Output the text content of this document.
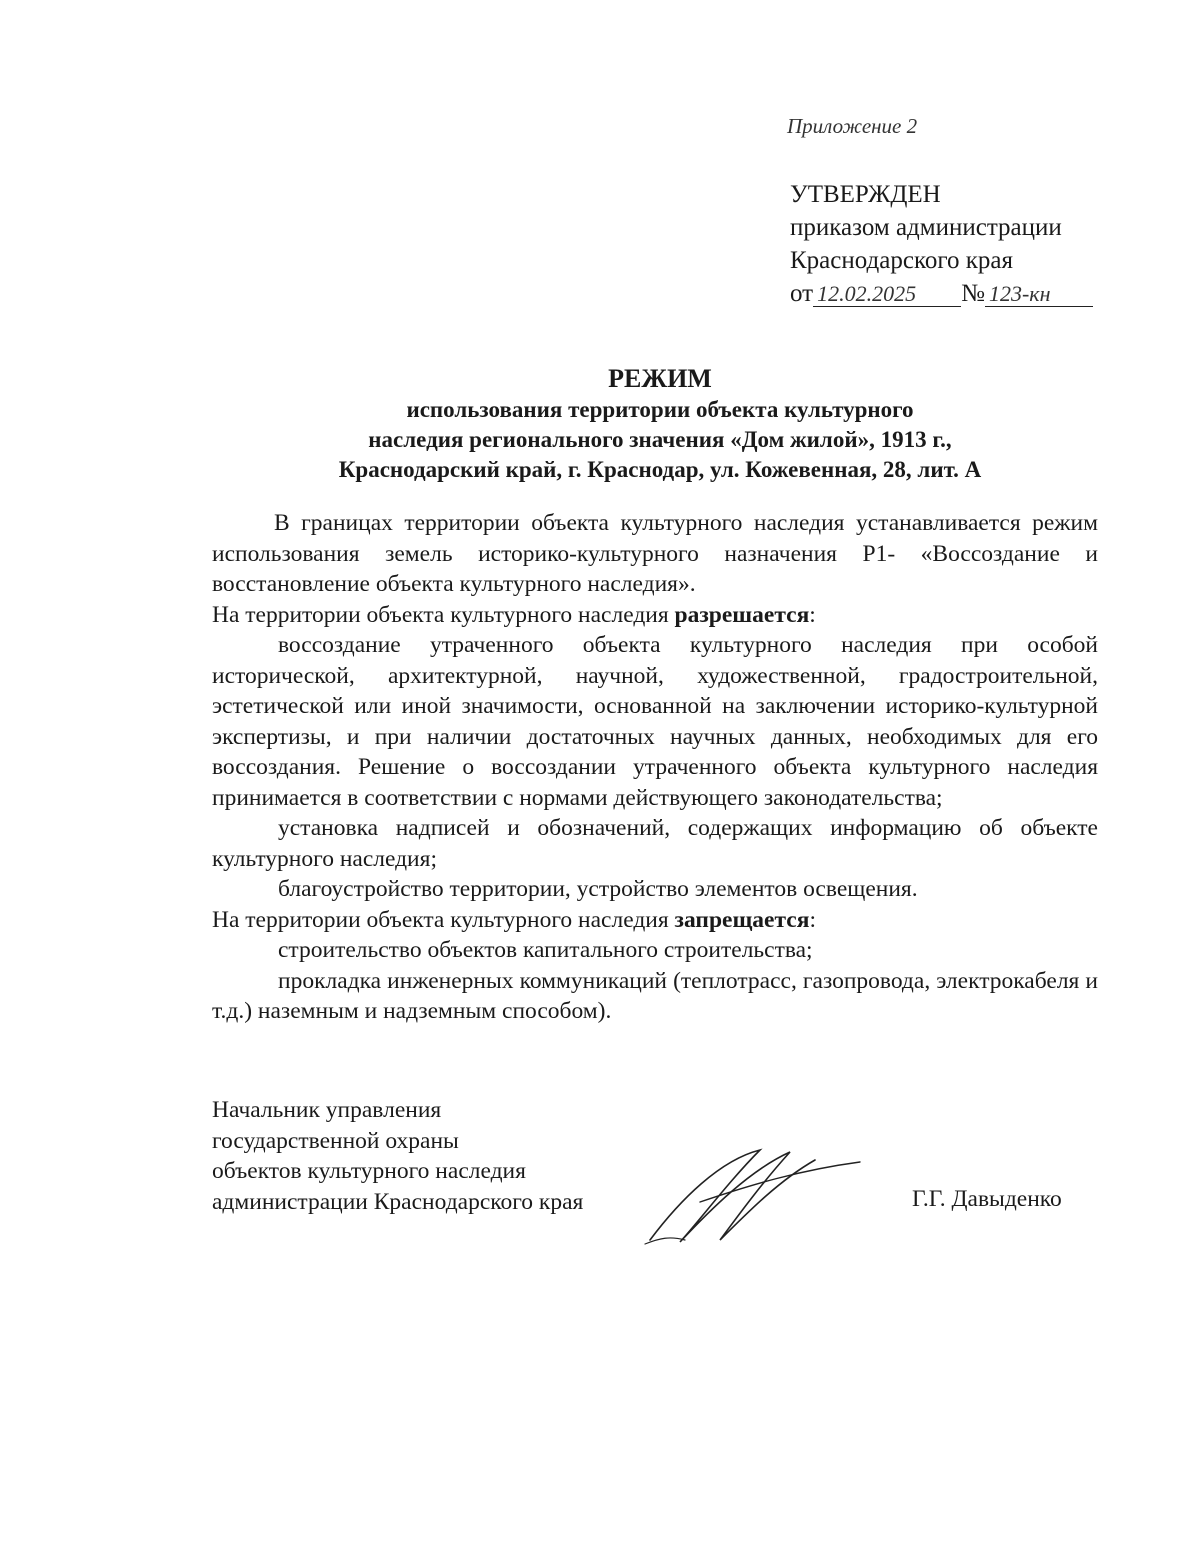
Приложение 2
УТВЕРЖДЕН
приказом администрации
Краснодарского края
от 12.02.2025 № 123-кн
РЕЖИМ
использования территории объекта культурного
наследия регионального значения «Дом жилой», 1913 г.,
Краснодарский край, г. Краснодар, ул. Кожевенная, 28, лит. А

В границах территории объекта культурного наследия устанавливается режим использования земель историко-культурного назначения Р1- «Воссоздание и восстановление объекта культурного наследия».

На территории объекта культурного наследия разрешается:

воссоздание утраченного объекта культурного наследия при особой исторической, архитектурной, научной, художественной, градостроительной, эстетической или иной значимости, основанной на заключении историко-культурной экспертизы, и при наличии достаточных научных данных, необходимых для его воссоздания. Решение о воссоздании утраченного объекта культурного наследия принимается в соответствии с нормами действующего законодательства;

установка надписей и обозначений, содержащих информацию об объекте культурного наследия;

благоустройство территории, устройство элементов освещения.

На территории объекта культурного наследия запрещается:

строительство объектов капитального строительства;

прокладка инженерных коммуникаций (теплотрасс, газопровода, электрокабеля и т.д.) наземным и надземным способом).

Начальник управления
государственной охраны
объектов культурного наследия
администрации Краснодарского края	Г.Г. Давыденко
